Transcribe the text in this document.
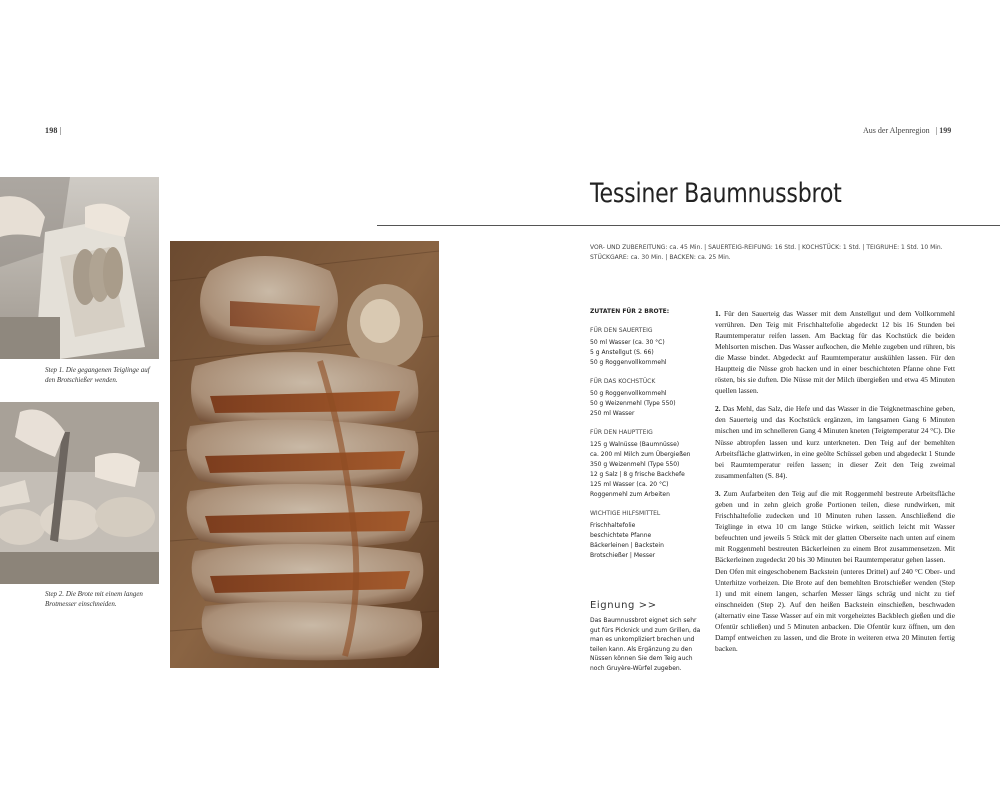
198 |
Step 1. Die gegangenen Teiglinge auf den Brotschießer wenden.
Step 2. Die Brote mit einem langen Brotmesser einschneiden.
Aus der Alpenregion | 199
Tessiner Baumnussbrot
VOR- UND ZUBEREITUNG: ca. 45 Min. | SAUERTEIG-REIFUNG: 16 Std. | KOCHSTÜCK: 1 Std. | TEIGRUHE: 1 Std. 10 Min.
STÜCKGARE: ca. 30 Min. | BACKEN: ca. 25 Min.
ZUTATEN FÜR 2 BROTE:
FÜR DEN SAUERTEIG
50 ml Wasser (ca. 30 °C)
5 g Anstellgut (S. 66)
50 g Roggenvollkornmehl
FÜR DAS KOCHSTÜCK
50 g Roggenvollkornmehl
50 g Weizenmehl (Type 550)
250 ml Wasser
FÜR DEN HAUPTTEIG
125 g Walnüsse (Baumnüsse)
ca. 200 ml Milch zum Übergießen
350 g Weizenmehl (Type 550)
12 g Salz | 8 g frische Backhefe
125 ml Wasser (ca. 20 °C)
Roggenmehl zum Arbeiten
WICHTIGE HILFSMITTEL
Frischhaltefolie
beschichtete Pfanne
Bäckerleinen | Backstein
Brotschießer | Messer
Eignung >>
Das Baumnussbrot eignet sich sehr gut fürs Picknick und zum Grillen, da man es unkompliziert brechen und teilen kann. Als Ergänzung zu den Nüssen können Sie dem Teig auch noch Gruyère-Würfel zugeben.

1. Für den Sauerteig das Wasser mit dem Anstellgut und dem Vollkornmehl verrühren. Den Teig mit Frischhaltefolie abgedeckt 12 bis 16 Stunden bei Raumtemperatur reifen lassen. Am Backtag für das Kochstück die beiden Mehlsorten mischen. Das Wasser aufkochen, die Mehle zugeben und rühren, bis die Masse bindet. Abgedeckt auf Raumtemperatur auskühlen lassen. Für den Hauptteig die Nüsse grob hacken und in einer beschichteten Pfanne ohne Fett rösten, bis sie duften. Die Nüsse mit der Milch übergießen und etwa 45 Minuten quellen lassen.

2. Das Mehl, das Salz, die Hefe und das Wasser in die Teigknetmaschine geben, den Sauerteig und das Kochstück ergänzen, im langsamen Gang 6 Minuten mischen und im schnelleren Gang 4 Minuten kneten (Teigtemperatur 24 °C). Die Nüsse abtropfen lassen und kurz unterkneten. Den Teig auf der bemehlten Arbeitsfläche glattwirken, in eine geölte Schüssel geben und abgedeckt 1 Stunde bei Raumtemperatur reifen lassen; in dieser Zeit den Teig zweimal zusammenfalten (S. 84).

3. Zum Aufarbeiten den Teig auf die mit Roggenmehl bestreute Arbeitsfläche geben und in zehn gleich große Portionen teilen, diese rundwirken, mit Frischhaltefolie zudecken und 10 Minuten ruhen lassen. Anschließend die Teiglinge in etwa 10 cm lange Stücke wirken, seitlich leicht mit Wasser befeuchten und jeweils 5 Stück mit der glatten Oberseite nach unten auf einem mit Roggenmehl bestreuten Bäckerleinen zu einem Brot zusammensetzen. Mit Bäckerleinen zugedeckt 20 bis 30 Minuten bei Raumtemperatur gehen lassen.

Den Ofen mit eingeschobenem Backstein (unteres Drittel) auf 240 °C Ober- und Unterhitze vorheizen. Die Brote auf den bemehlten Brotschießer wenden (Step 1) und mit einem langen, scharfen Messer längs schräg und nicht zu tief einschneiden (Step 2). Auf den heißen Backstein einschießen, beschwaden (alternativ eine Tasse Wasser auf ein mit vorgeheiztes Backblech gießen und die Ofentür schließen) und 5 Minuten anbacken. Die Ofentür kurz öffnen, um den Dampf entweichen zu lassen, und die Brote in weiteren etwa 20 Minuten fertig backen.
